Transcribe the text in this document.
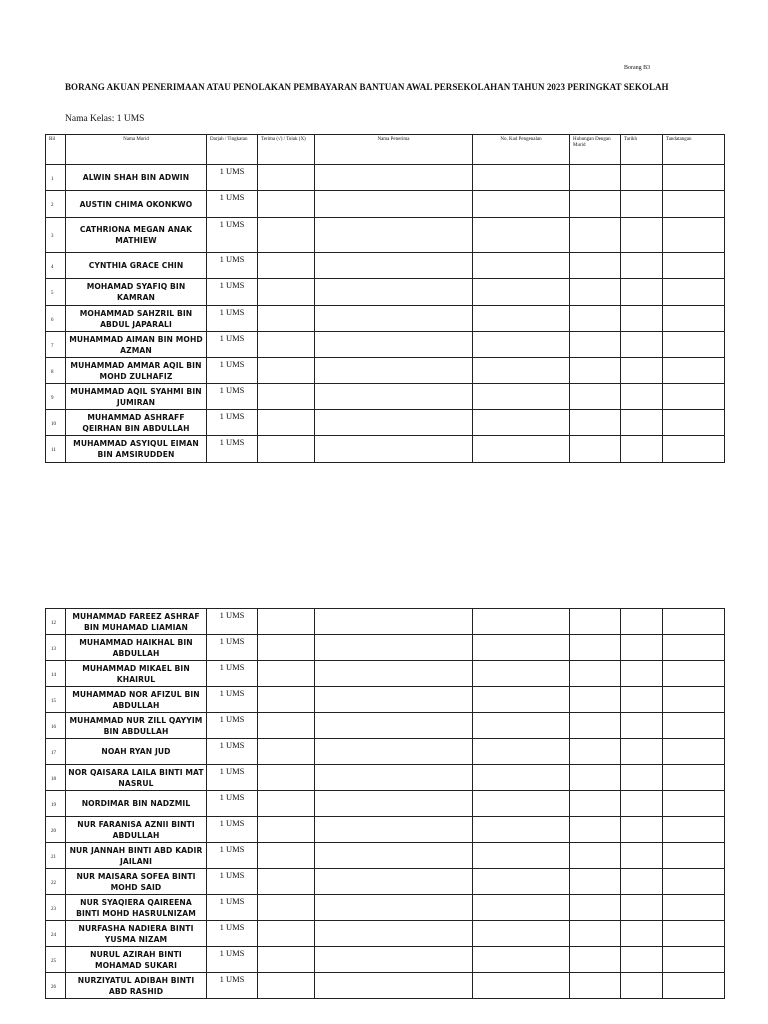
Borang B3
BORANG AKUAN PENERIMAAN ATAU PENOLAKAN PEMBAYARAN BANTUAN AWAL PERSEKOLAHAN TAHUN 2023 PERINGKAT SEKOLAH
Nama Kelas: 1 UMS
Bil	Nama Murid	Darjah / Tingkatan	Terima (√) / Tolak (X)	Nama Penerima	No. Kad Pengenalan	Hubungan Dengan Murid	Tarikh	Tandatangan
1	ALWIN SHAH BIN ADWIN	1 UMS						
2	AUSTIN CHIMA OKONKWO	1 UMS						
3	CATHRIONA MEGAN ANAK MATHIEW	1 UMS						
4	CYNTHIA GRACE CHIN	1 UMS						
5	MOHAMAD SYAFIQ BIN KAMRAN	1 UMS						
6	MOHAMMAD SAHZRIL BIN ABDUL JAPARALI	1 UMS						
7	MUHAMMAD AIMAN BIN MOHD AZMAN	1 UMS						
8	MUHAMMAD AMMAR AQIL BIN MOHD ZULHAFIZ	1 UMS						
9	MUHAMMAD AQIL SYAHMI BIN JUMIRAN	1 UMS						
10	MUHAMMAD ASHRAFF QEIRHAN BIN ABDULLAH	1 UMS						
11	MUHAMMAD ASYIQUL EIMAN BIN AMSIRUDDEN	1 UMS						
12	MUHAMMAD FAREEZ ASHRAF BIN MUHAMAD LIAMIAN	1 UMS						
13	MUHAMMAD HAIKHAL BIN ABDULLAH	1 UMS						
14	MUHAMMAD MIKAEL BIN KHAIRUL	1 UMS						
15	MUHAMMAD NOR AFIZUL BIN ABDULLAH	1 UMS						
16	MUHAMMAD NUR ZILL QAYYIM BIN ABDULLAH	1 UMS						
17	NOAH RYAN JUD	1 UMS						
18	NOR QAISARA LAILA BINTI MAT NASRUL	1 UMS						
19	NORDIMAR BIN NADZMIL	1 UMS						
20	NUR FARANISA AZNII BINTI ABDULLAH	1 UMS						
21	NUR JANNAH BINTI ABD KADIR JAILANI	1 UMS						
22	NUR MAISARA SOFEA BINTI MOHD SAID	1 UMS						
23	NUR SYAQIERA QAIREENA BINTI MOHD HASRULNIZAM	1 UMS						
24	NURFASHA NADIERA BINTI YUSMA NIZAM	1 UMS						
25	NURUL AZIRAH BINTI MOHAMAD SUKARI	1 UMS						
26	NURZIYATUL ADIBAH BINTI ABD RASHID	1 UMS						
